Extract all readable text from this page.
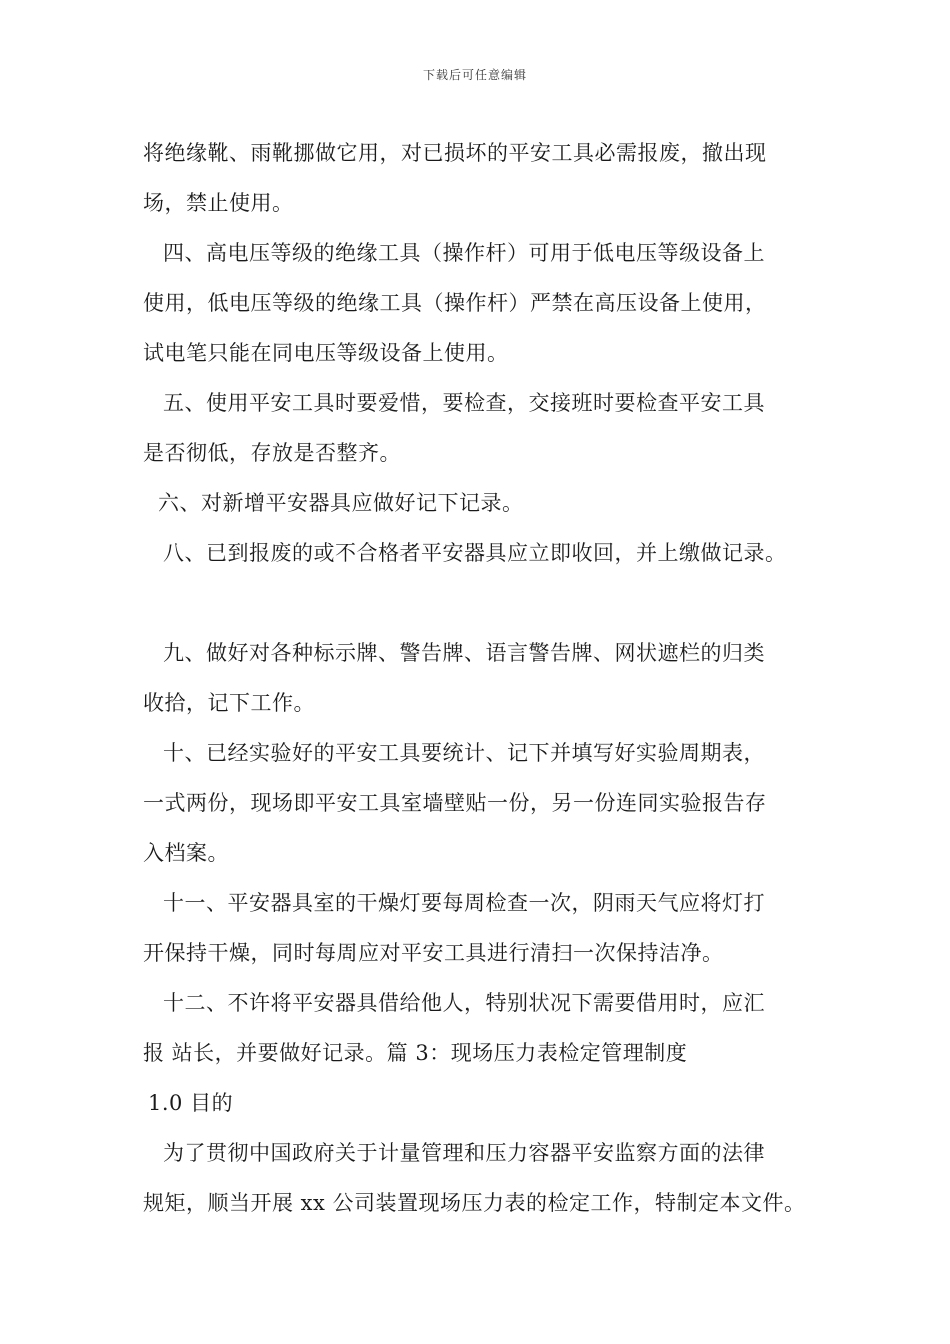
下载后可任意编辑
将绝缘靴、雨靴挪做它用，对已损坏的平安工具必需报废，撤出现
场，禁止使用。
四、高电压等级的绝缘工具（操作杆）可用于低电压等级设备上
使用，低电压等级的绝缘工具（操作杆）严禁在高压设备上使用，
试电笔只能在同电压等级设备上使用。
五、使用平安工具时要爱惜，要检查，交接班时要检查平安工具
是否彻低，存放是否整齐。
六、对新增平安器具应做好记下记录。
八、已到报废的或不合格者平安器具应立即收回，并上缴做记录。
九、做好对各种标示牌、警告牌、语言警告牌、网状遮栏的归类
收拾，记下工作。
十、已经实验好的平安工具要统计、记下并填写好实验周期表，
一式两份，现场即平安工具室墙壁贴一份，另一份连同实验报告存
入档案。
十一、平安器具室的干燥灯要每周检查一次，阴雨天气应将灯打
开保持干燥，同时每周应对平安工具进行清扫一次保持洁净。
十二、不许将平安器具借给他人，特别状况下需要借用时，应汇
报 站长，并要做好记录。篇 3：现场压力表检定管理制度
1.0 目的
为了贯彻中国政府关于计量管理和压力容器平安监察方面的法律
规矩，顺当开展 xx 公司装置现场压力表的检定工作，特制定本文件。
